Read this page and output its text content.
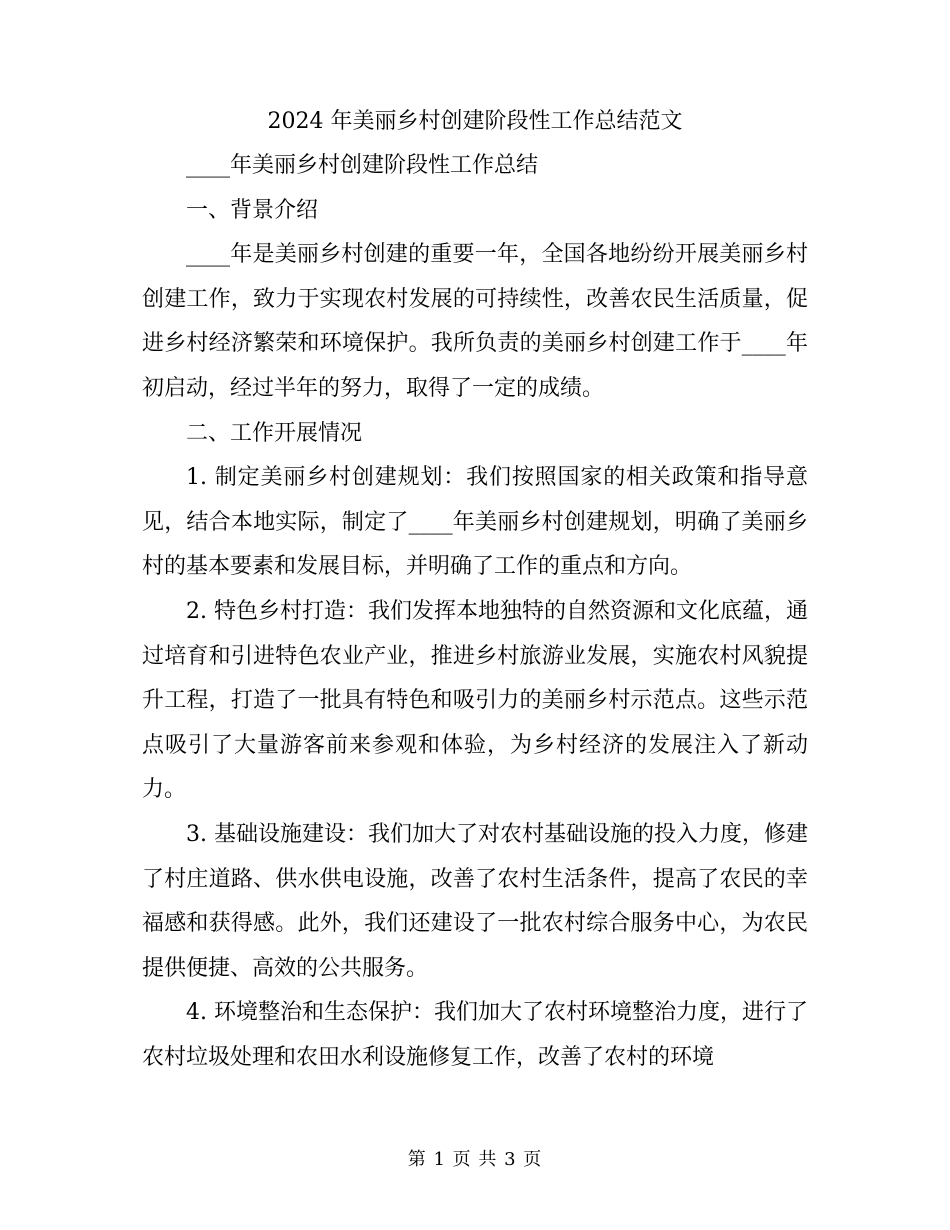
2024 年美丽乡村创建阶段性工作总结范文

____年美丽乡村创建阶段性工作总结

一、背景介绍

____年是美丽乡村创建的重要一年，全国各地纷纷开展美丽乡村创建工作，致力于实现农村发展的可持续性，改善农民生活质量，促进乡村经济繁荣和环境保护。我所负责的美丽乡村创建工作于____年初启动，经过半年的努力，取得了一定的成绩。

二、工作开展情况

1. 制定美丽乡村创建规划：我们按照国家的相关政策和指导意见，结合本地实际，制定了____年美丽乡村创建规划，明确了美丽乡村的基本要素和发展目标，并明确了工作的重点和方向。

2. 特色乡村打造：我们发挥本地独特的自然资源和文化底蕴，通过培育和引进特色农业产业，推进乡村旅游业发展，实施农村风貌提升工程，打造了一批具有特色和吸引力的美丽乡村示范点。这些示范点吸引了大量游客前来参观和体验，为乡村经济的发展注入了新动力。

3. 基础设施建设：我们加大了对农村基础设施的投入力度，修建了村庄道路、供水供电设施，改善了农村生活条件，提高了农民的幸福感和获得感。此外，我们还建设了一批农村综合服务中心，为农民提供便捷、高效的公共服务。

4. 环境整治和生态保护：我们加大了农村环境整治力度，进行了农村垃圾处理和农田水利设施修复工作，改善了农村的环境

第 1 页 共 3 页
